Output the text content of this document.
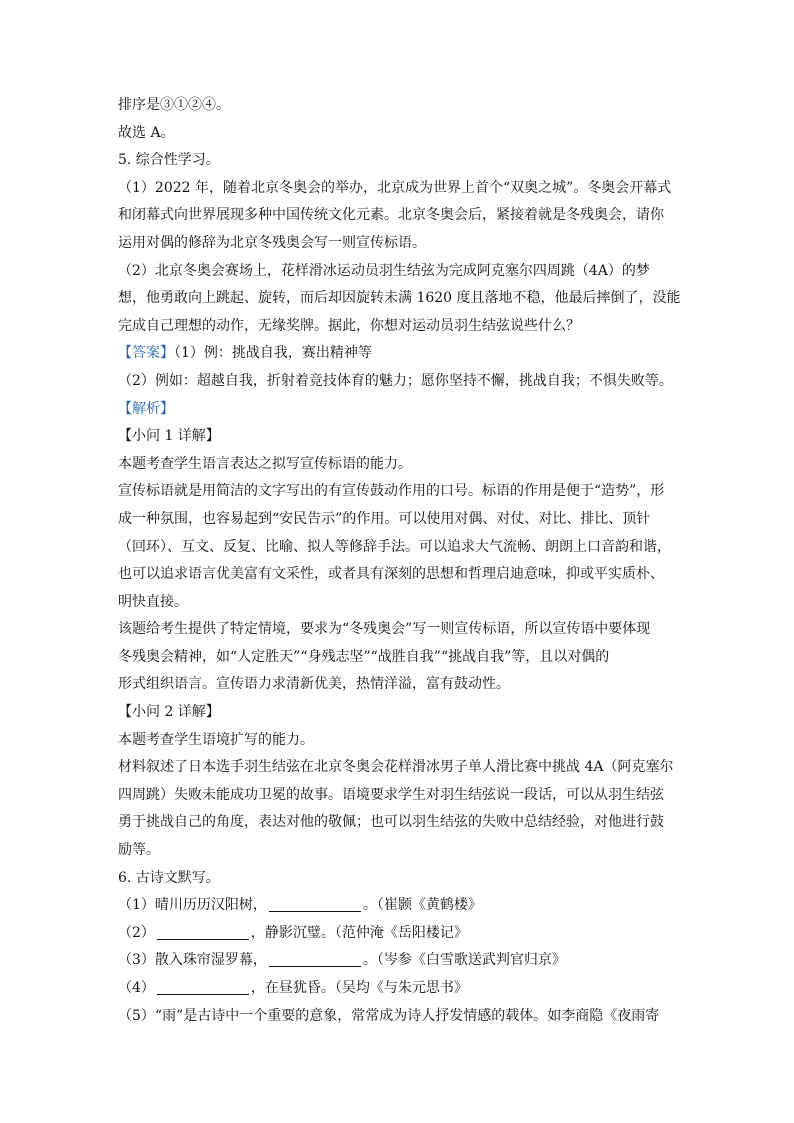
排序是③①②④。
故选 A。
5. 综合性学习。
（1）2022 年，随着北京冬奥会的举办，北京成为世界上首个“双奥之城”。冬奥会开幕式
和闭幕式向世界展现多种中国传统文化元素。北京冬奥会后，紧接着就是冬残奥会，请你
运用对偶的修辞为北京冬残奥会写一则宣传标语。
（2）北京冬奥会赛场上，花样滑冰运动员羽生结弦为完成阿克塞尔四周跳（4A）的梦
想，他勇敢向上跳起、旋转，而后却因旋转未满 1620 度且落地不稳，他最后摔倒了，没能
完成自己理想的动作，无缘奖牌。据此，你想对运动员羽生结弦说些什么？
【答案】（1）例：挑战自我，赛出精神等
（2）例如：超越自我，折射着竞技体育的魅力；愿你坚持不懈，挑战自我；不惧失败等。
【解析】
【小问 1 详解】
本题考查学生语言表达之拟写宣传标语的能力。
宣传标语就是用简洁的文字写出的有宣传鼓动作用的口号。标语的作用是便于“造势”，形
成一种氛围，也容易起到“安民告示”的作用。可以使用对偶、对仗、对比、排比、顶针
（回环）、互文、反复、比喻、拟人等修辞手法。可以追求大气流畅、朗朗上口音韵和谐，
也可以追求语言优美富有文采性，或者具有深刻的思想和哲理启迪意味，抑或平实质朴、
明快直接。
该题给考生提供了特定情境，要求为“冬残奥会”写一则宣传标语，所以宣传语中要体现
冬残奥会精神，如“人定胜天”“身残志坚”“战胜自我”“挑战自我”等，且以对偶的
形式组织语言。宣传语力求清新优美，热情洋溢，富有鼓动性。
【小问 2 详解】
本题考查学生语境扩写的能力。
材料叙述了日本选手羽生结弦在北京冬奥会花样滑冰男子单人滑比赛中挑战 4A（阿克塞尔
四周跳）失败未能成功卫冕的故事。语境要求学生对羽生结弦说一段话，可以从羽生结弦
勇于挑战自己的角度，表达对他的敬佩；也可以羽生结弦的失败中总结经验，对他进行鼓
励等。
6. 古诗文默写。
（1）晴川历历汉阳树，	。（崔颢《黄鹤楼》
（2）	，静影沉璧。（范仲淹《岳阳楼记》
（3）散入珠帘湿罗幕，	。（岑参《白雪歌送武判官归京》
（4）	，在昼犹昏。（吴均《与朱元思书》
（5）“雨”是古诗中一个重要的意象，常常成为诗人抒发情感的载体。如李商隐《夜雨寄
